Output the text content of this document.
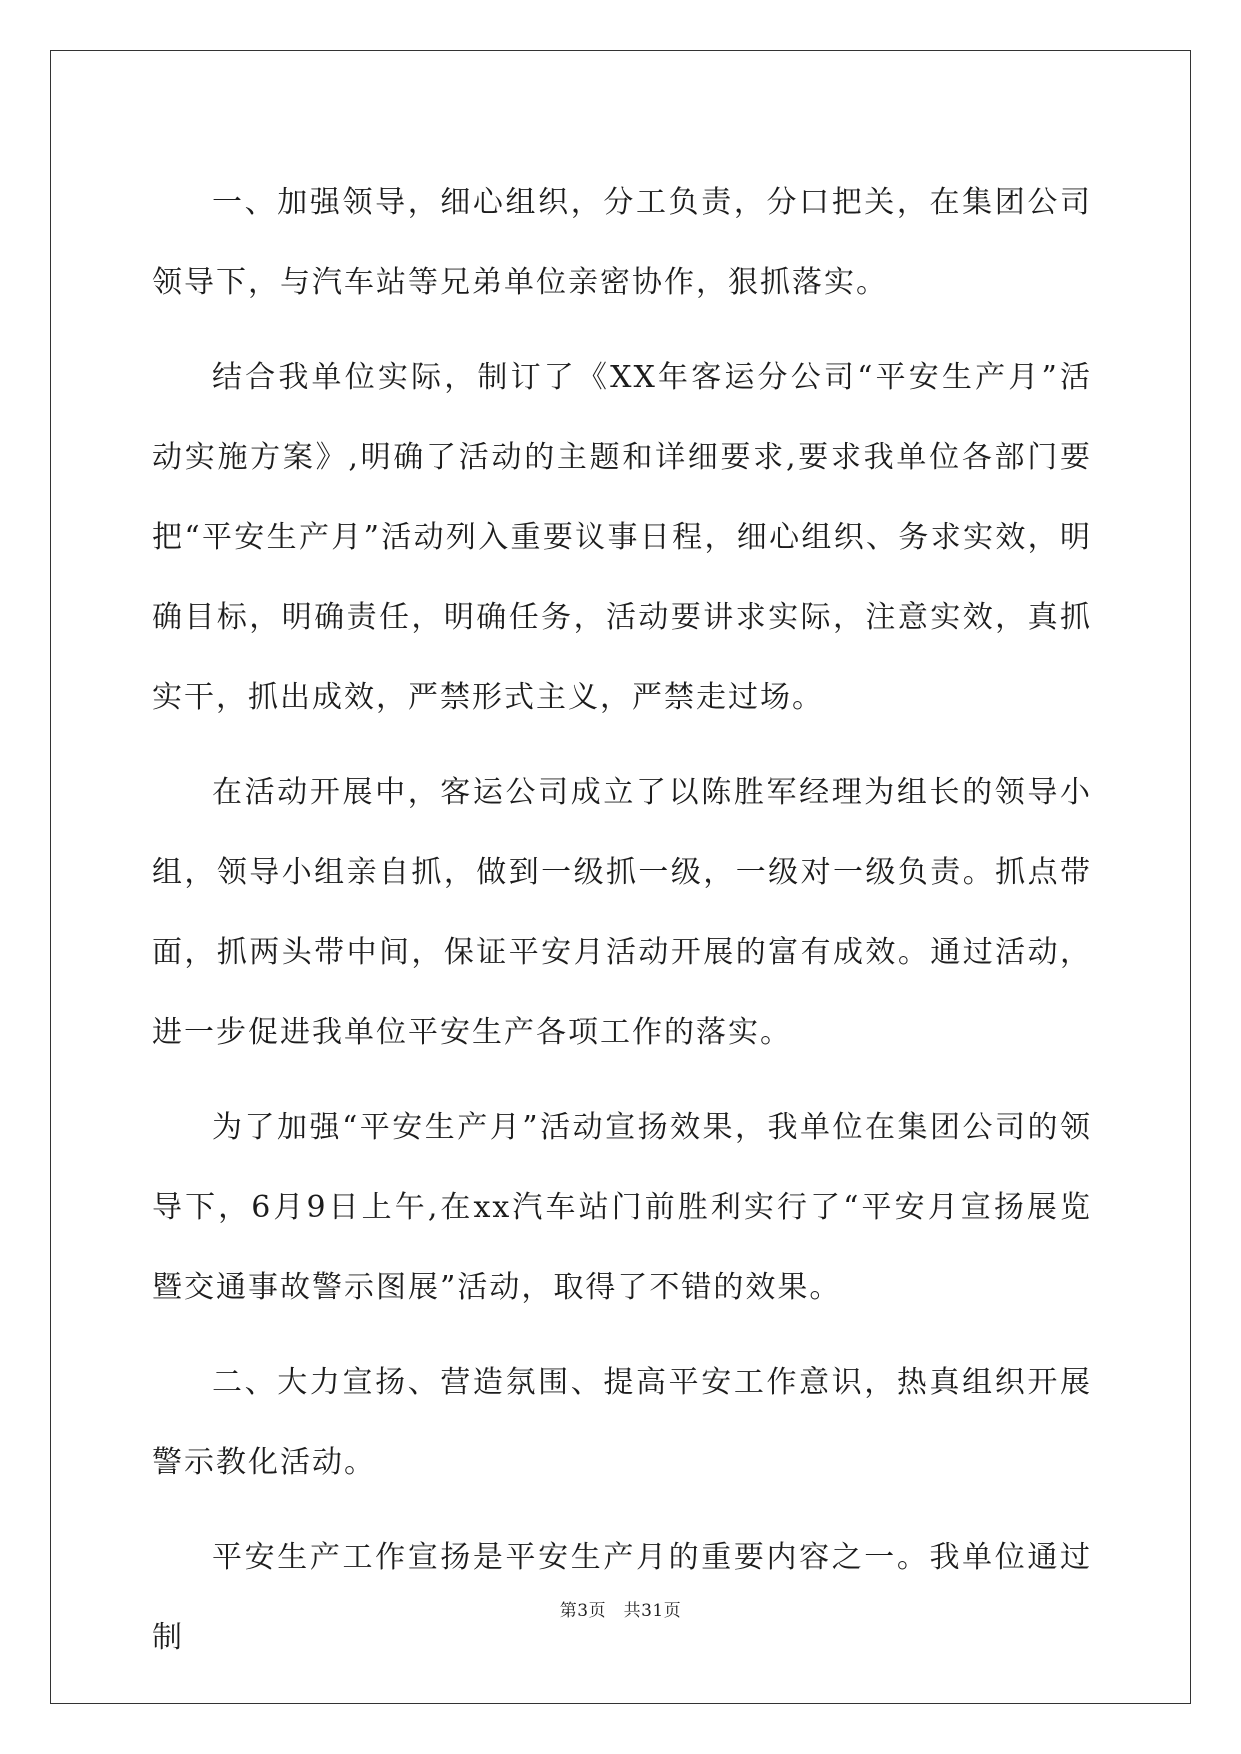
一、加强领导，细心组织，分工负责，分口把关，在集团公司领导下，与汽车站等兄弟单位亲密协作，狠抓落实。

结合我单位实际，制订了《XX年客运分公司“平安生产月”活动实施方案》,明确了活动的主题和详细要求,要求我单位各部门要把“平安生产月”活动列入重要议事日程，细心组织、务求实效，明确目标，明确责任，明确任务，活动要讲求实际，注意实效，真抓实干，抓出成效，严禁形式主义，严禁走过场。

在活动开展中，客运公司成立了以陈胜军经理为组长的领导小组，领导小组亲自抓，做到一级抓一级，一级对一级负责。抓点带面，抓两头带中间，保证平安月活动开展的富有成效。通过活动，进一步促进我单位平安生产各项工作的落实。

为了加强“平安生产月”活动宣扬效果，我单位在集团公司的领导下，6月9日上午,在xx汽车站门前胜利实行了“平安月宣扬展览暨交通事故警示图展”活动，取得了不错的效果。

二、大力宣扬、营造氛围、提高平安工作意识，热真组织开展警示教化活动。

平安生产工作宣扬是平安生产月的重要内容之一。我单位通过制

第3页　共31页
